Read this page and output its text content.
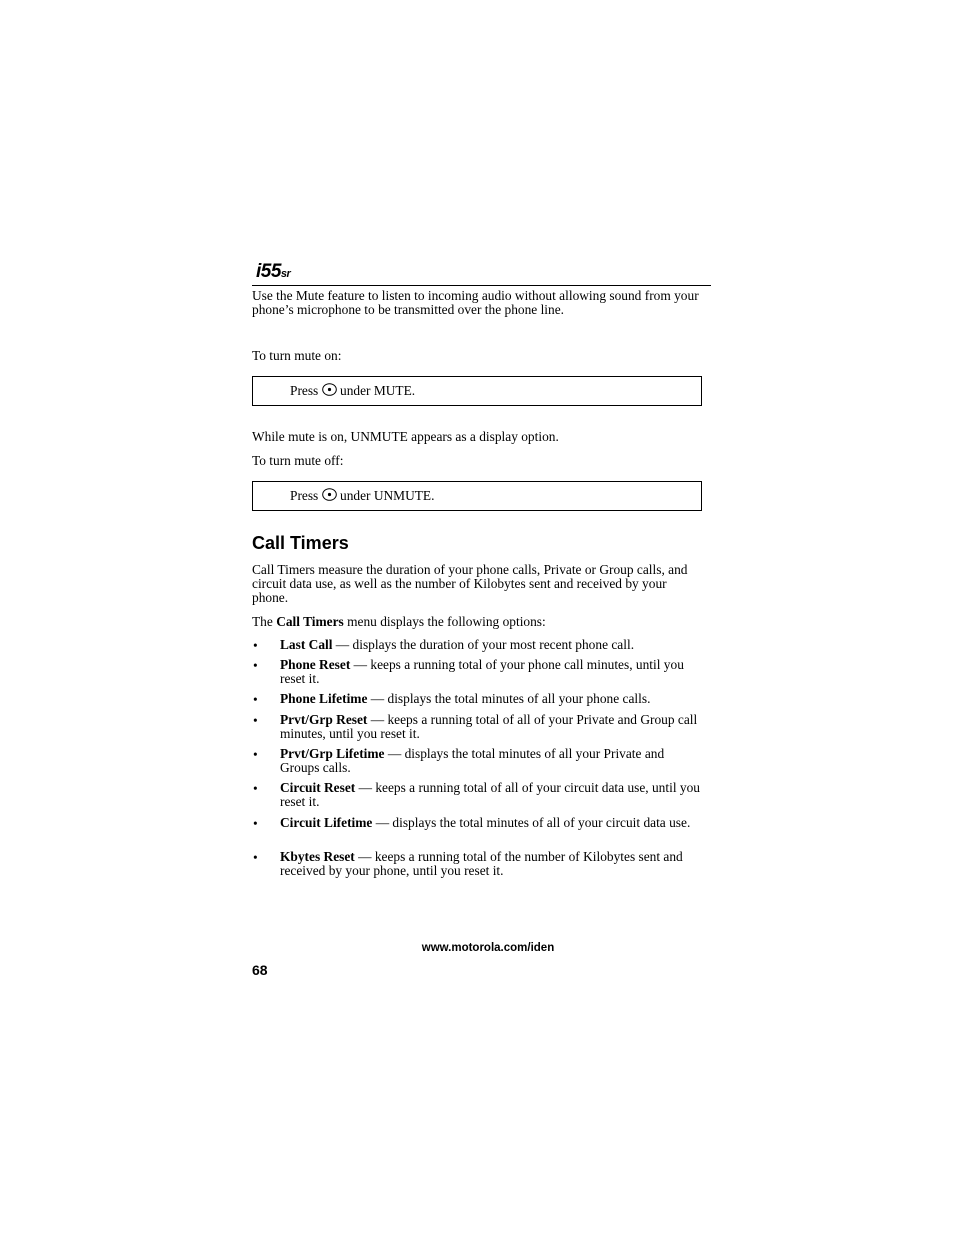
i55sr
Use the Mute feature to listen to incoming audio without allowing sound from your phone’s microphone to be transmitted over the phone line.
To turn mute on:
Press under MUTE.
While mute is on, UNMUTE appears as a display option.
To turn mute off:
Press under UNMUTE.
Call Timers
Call Timers measure the duration of your phone calls, Private or Group calls, and circuit data use, as well as the number of Kilobytes sent and received by your phone.
The Call Timers menu displays the following options:
• Last Call — displays the duration of your most recent phone call.
• Phone Reset — keeps a running total of your phone call minutes, until you reset it.
• Phone Lifetime — displays the total minutes of all your phone calls.
• Prvt/Grp Reset — keeps a running total of all of your Private and Group call minutes, until you reset it.
• Prvt/Grp Lifetime — displays the total minutes of all your Private and Groups calls.
• Circuit Reset — keeps a running total of all of your circuit data use, until you reset it.
• Circuit Lifetime — displays the total minutes of all of your circuit data use.
• Kbytes Reset — keeps a running total of the number of Kilobytes sent and received by your phone, until you reset it.
www.motorola.com/iden
68
